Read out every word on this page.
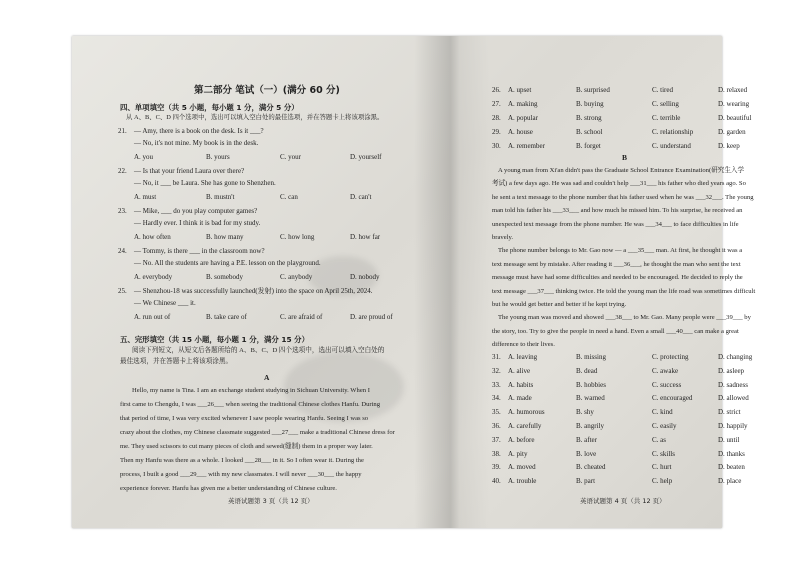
第二部分 笔试（一）(满分 60 分)
四、单项填空（共 5 小题，每小题 1 分，满分 5 分）
从 A、B、C、D 四个选项中，选出可以填入空白处的最佳选项，并在答题卡上将该项涂黑。
21. — Amy, there is a book on the desk. Is it ___?
— No, it's not mine. My book is in the desk.
A. you	B. yours	C. your	D. yourself
22. — Is that your friend Laura over there?
— No, it ___ be Laura. She has gone to Shenzhen.
A. must	B. mustn't	C. can	D. can't
23. — Mike, ___ do you play computer games?
— Hardly ever. I think it is bad for my study.
A. how often	B. how many	C. how long	D. how far
24. — Tommy, is there ___ in the classroom now?
— No. All the students are having a P.E. lesson on the playground.
A. everybody	B. somebody	C. anybody	D. nobody
25. — Shenzhou-18 was successfully launched(发射) into the space on April 25th, 2024.
— We Chinese ___ it.
A. run out of	B. take care of	C. are afraid of	D. are proud of
五、完形填空（共 15 小题，每小题 1 分，满分 15 分）
阅读下列短文，从短文后各题所给的 A、B、C、D 四个选项中，选出可以填入空白处的
最佳选项，并在答题卡上将该项涂黑。
A
Hello, my name is Tina. I am an exchange student studying in Sichuan University. When I
first came to Chengdu, I was ___26___ when seeing the traditional Chinese clothes Hanfu. During
that period of time, I was very excited whenever I saw people wearing Hanfu. Seeing I was so
crazy about the clothes, my Chinese classmate suggested ___27___ make a traditional Chinese dress for
me. They used scissors to cut many pieces of cloth and sewed(缝制) them in a proper way later.
Then my Hanfu was there as a whole. I looked ___28___ in it. So I often wear it. During the
process, I built a good ___29___ with my new classmates. I will never ___30___ the happy
experience forever. Hanfu has given me a better understanding of Chinese culture.
英语试题第 3 页（共 12 页）
26. A. upset	B. surprised	C. tired	D. relaxed
27. A. making	B. buying	C. selling	D. wearing
28. A. popular	B. strong	C. terrible	D. beautiful
29. A. house	B. school	C. relationship	D. garden
30. A. remember	B. forget	C. understand	D. keep
B
A young man from Xi'an didn't pass the Graduate School Entrance Examination(研究生入学
考试) a few days ago. He was sad and couldn't help ___31___ his father who died years ago. So
he sent a text message to the phone number that his father used when he was ___32___. The young
man told his father his ___33___ and how much he missed him. To his surprise, he received an
unexpected text message from the phone number. He was ___34___ to face difficulties in life
bravely.
The phone number belongs to Mr. Gao now — a ___35___ man. At first, he thought it was a
text message sent by mistake. After reading it ___36___, he thought the man who sent the text
message must have had some difficulties and needed to be encouraged. He decided to reply the
text message ___37___ thinking twice. He told the young man the life road was sometimes difficult
but he would get better and better if he kept trying.
The young man was moved and showed ___38___ to Mr. Gao. Many people were ___39___ by
the story, too. Try to give the people in need a hand. Even a small ___40___ can make a great
difference to their lives.
31. A. leaving	B. missing	C. protecting	D. changing
32. A. alive	B. dead	C. awake	D. asleep
33. A. habits	B. hobbies	C. success	D. sadness
34. A. made	B. warned	C. encouraged	D. allowed
35. A. humorous	B. shy	C. kind	D. strict
36. A. carefully	B. angrily	C. easily	D. happily
37. A. before	B. after	C. as	D. until
38. A. pity	B. love	C. skills	D. thanks
39. A. moved	B. cheated	C. hurt	D. beaten
40. A. trouble	B. part	C. help	D. place
英语试题第 4 页（共 12 页）
